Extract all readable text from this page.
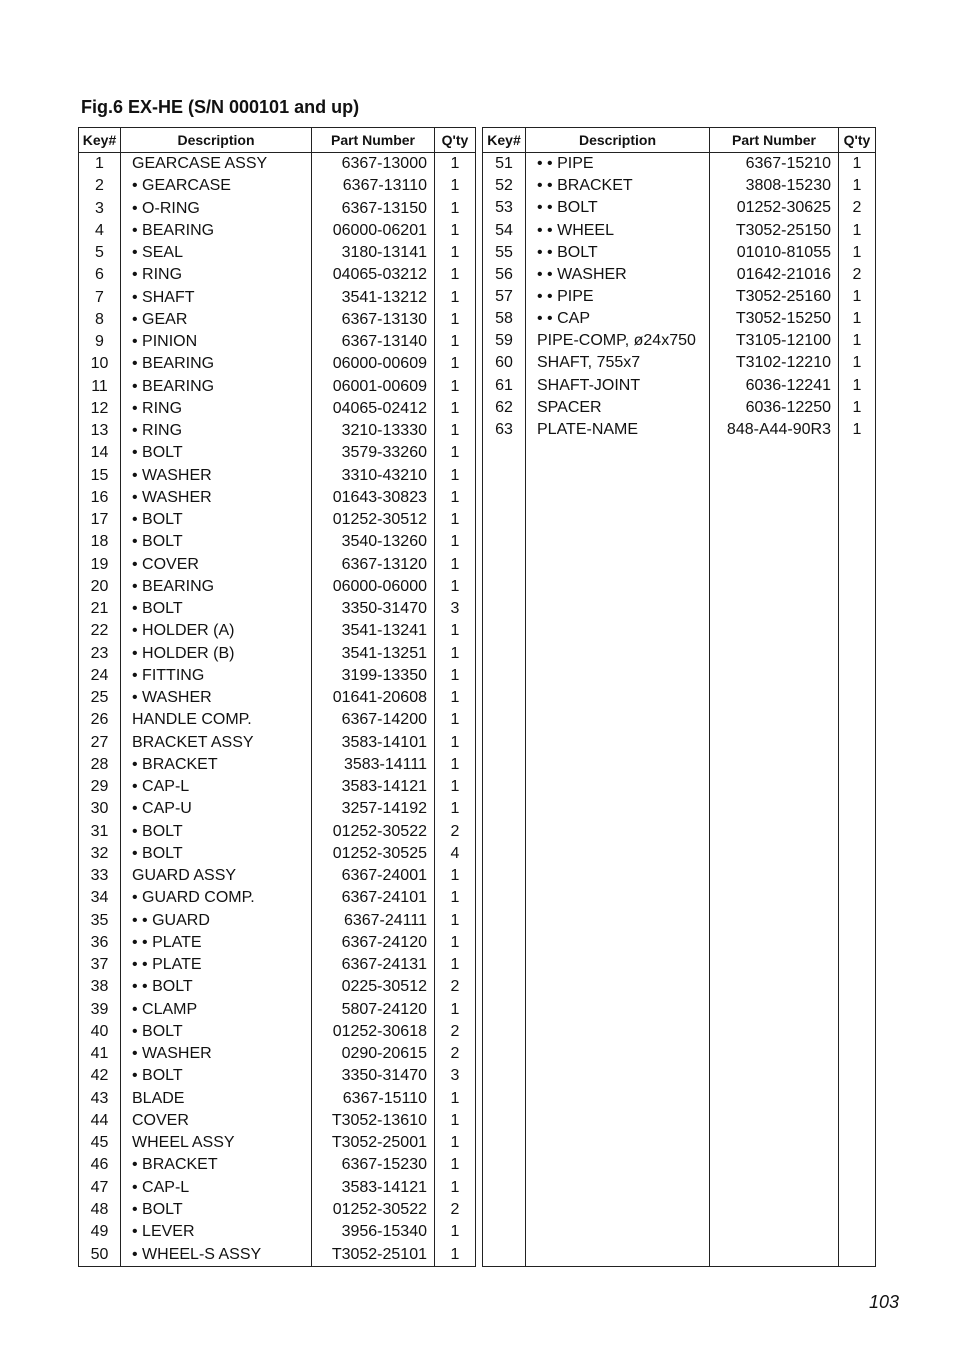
Fig.6 EX-HE (S/N 000101 and up)
Key#	Description	Part Number	Q'ty
1	GEARCASE ASSY	6367-13000	1
2	• GEARCASE	6367-13110	1
3	• O-RING	6367-13150	1
4	• BEARING	06000-06201	1
5	• SEAL	3180-13141	1
6	• RING	04065-03212	1
7	• SHAFT	3541-13212	1
8	• GEAR	6367-13130	1
9	• PINION	6367-13140	1
10	• BEARING	06000-00609	1
11	• BEARING	06001-00609	1
12	• RING	04065-02412	1
13	• RING	3210-13330	1
14	• BOLT	3579-33260	1
15	• WASHER	3310-43210	1
16	• WASHER	01643-30823	1
17	• BOLT	01252-30512	1
18	• BOLT	3540-13260	1
19	• COVER	6367-13120	1
20	• BEARING	06000-06000	1
21	• BOLT	3350-31470	3
22	• HOLDER (A)	3541-13241	1
23	• HOLDER (B)	3541-13251	1
24	• FITTING	3199-13350	1
25	• WASHER	01641-20608	1
26	HANDLE COMP.	6367-14200	1
27	BRACKET ASSY	3583-14101	1
28	• BRACKET	3583-14111	1
29	• CAP-L	3583-14121	1
30	• CAP-U	3257-14192	1
31	• BOLT	01252-30522	2
32	• BOLT	01252-30525	4
33	GUARD ASSY	6367-24001	1
34	• GUARD COMP.	6367-24101	1
35	• • GUARD	6367-24111	1
36	• • PLATE	6367-24120	1
37	• • PLATE	6367-24131	1
38	• • BOLT	0225-30512	2
39	• CLAMP	5807-24120	1
40	• BOLT	01252-30618	2
41	• WASHER	0290-20615	2
42	• BOLT	3350-31470	3
43	BLADE	6367-15110	1
44	COVER	T3052-13610	1
45	WHEEL ASSY	T3052-25001	1
46	• BRACKET	6367-15230	1
47	• CAP-L	3583-14121	1
48	• BOLT	01252-30522	2
49	• LEVER	3956-15340	1
50	• WHEEL-S ASSY	T3052-25101	1
Key#	Description	Part Number	Q'ty
51	• • PIPE	6367-15210	1
52	• • BRACKET	3808-15230	1
53	• • BOLT	01252-30625	2
54	• • WHEEL	T3052-25150	1
55	• • BOLT	01010-81055	1
56	• • WASHER	01642-21016	2
57	• • PIPE	T3052-25160	1
58	• • CAP	T3052-15250	1
59	PIPE-COMP, ø24x750	T3105-12100	1
60	SHAFT, 755x7	T3102-12210	1
61	SHAFT-JOINT	6036-12241	1
62	SPACER	6036-12250	1
63	PLATE-NAME	848-A44-90R3	1

103
